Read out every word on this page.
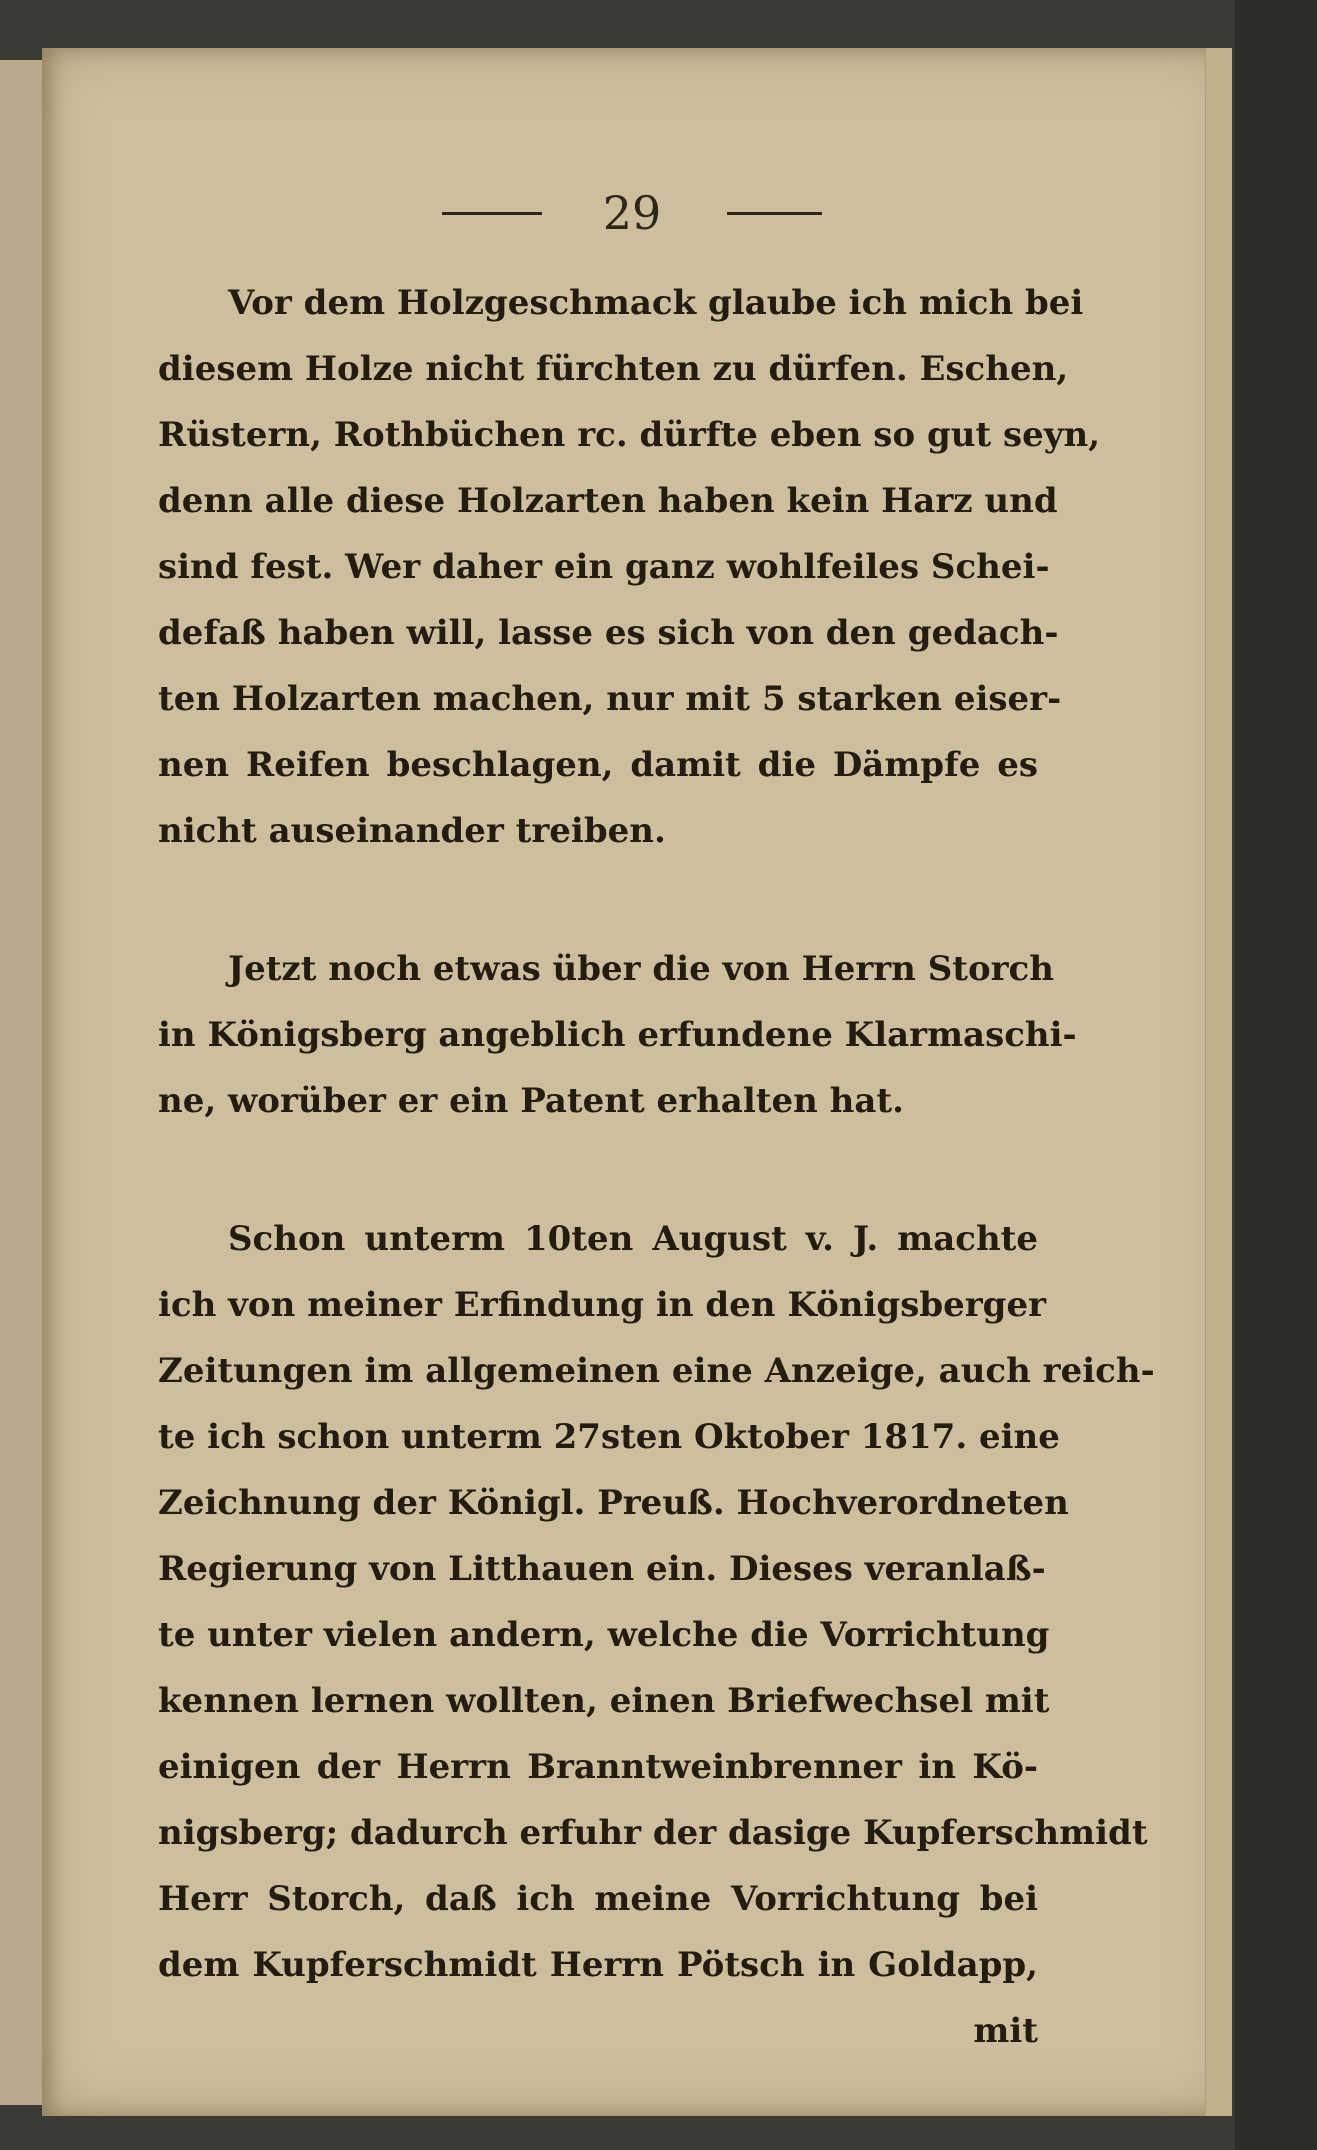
29
Vor dem Holzgeschmack glaube ich mich bei
diesem Holze nicht fürchten zu dürfen. Eschen,
Rüstern, Rothbüchen rc. dürfte eben so gut seyn,
denn alle diese Holzarten haben kein Harz und
sind fest. Wer daher ein ganz wohlfeiles Schei-
defaß haben will, lasse es sich von den gedach-
ten Holzarten machen, nur mit 5 starken eiser-
nen Reifen beschlagen, damit die Dämpfe es
nicht auseinander treiben.
Jetzt noch etwas über die von Herrn Storch
in Königsberg angeblich erfundene Klarmaschi-
ne, worüber er ein Patent erhalten hat.
Schon unterm 10ten August v. J. machte
ich von meiner Erfindung in den Königsberger
Zeitungen im allgemeinen eine Anzeige, auch reich-
te ich schon unterm 27sten Oktober 1817. eine
Zeichnung der Königl. Preuß. Hochverordneten
Regierung von Litthauen ein. Dieses veranlaß-
te unter vielen andern, welche die Vorrichtung
kennen lernen wollten, einen Briefwechsel mit
einigen der Herrn Branntweinbrenner in Kö-
nigsberg; dadurch erfuhr der dasige Kupferschmidt
Herr Storch, daß ich meine Vorrichtung bei
dem Kupferschmidt Herrn Pötsch in Goldapp,
mit
